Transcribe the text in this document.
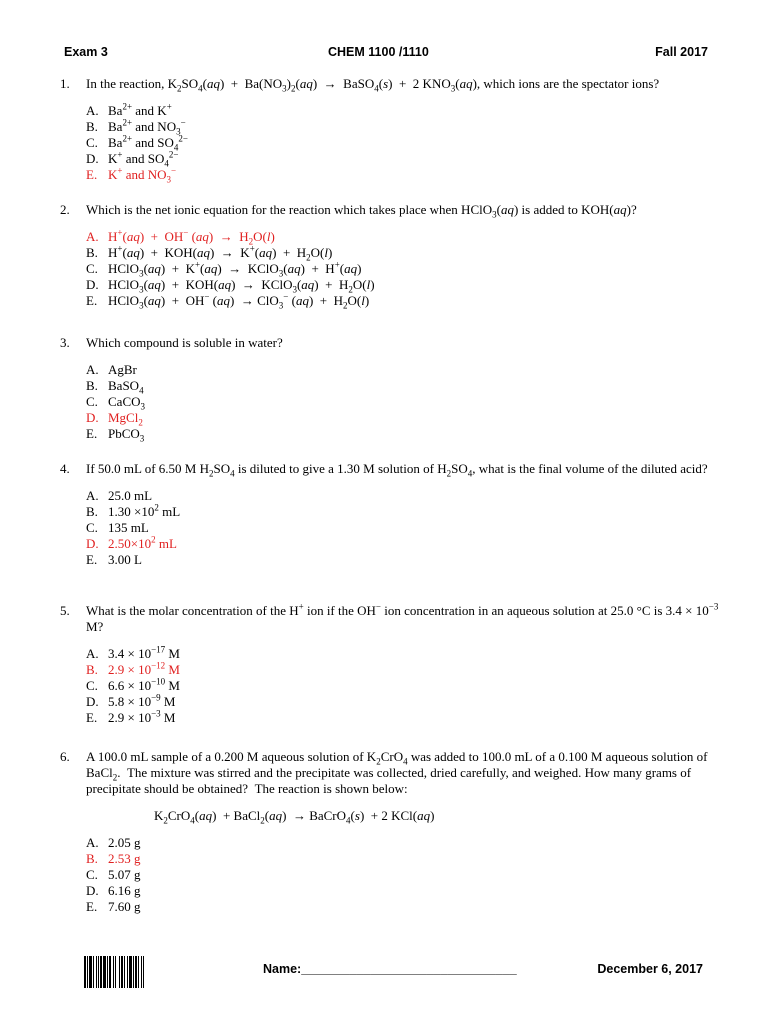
Exam 3	CHEM 1100 /1110	Fall 2017
1.	In the reaction, $K_2SO_4(aq) + Ba(NO_3)_2(aq)$  →  BaSO$_4$(s)  +  2 $KNO_3(aq)$, which ions are the spectator ions?
A. $Ba^{2+}$ and K+
B. $Ba^{2+}$ and $NO_3^-$
C. $Ba^{2+}$ and $SO_4^{2-}$
D. K+ and $SO_4^{2-}$
E. K+ and $NO_3^-$
2.	Which is the net ionic equation for the reaction which takes place when HClO$_3$(aq) is added to KOH(aq)?
A. H+(aq)  +  OH− $(aq) \to H_2O(l)$
B. $H^+(aq) + KOH(aq) \to K^+(aq) + H_2O(l)$
C. HClO$_3$(aq)  +  K+(aq)  →  KClO$_3$(aq)  +  H+(aq)
D. HClO$_3$(aq)  +  KOH(aq)  →  KClO$_3$(aq)  +  $H_2O(l)$
E. HClO$_3$(aq)  +  OH− (aq)  → ClO$_3$− $(aq) + H_2O(l)$
3.	Which compound is soluble in water?
A. AgBr
B. BaSO$_4$
C. CaCO$_3$
D. MgCl$_2$
E. PbCO$_3$
4.	If 50.0 mL of 6.50 M $H_2SO_4$ is diluted to give a 1.30 M solution of $H_2SO_4$, what is the final volume of the diluted acid?
A. 25.0 mL
B. $1.30 \times 10^2$ mL
C. 135 mL
D. $2.50\times 10^2$ mL
E. 3.00 L
5.	What is the molar concentration of the H+ ion if the OH− ion concentration in an aqueous solution at 25.0 °C is $3.4 \times 10^{-3}$ M?
A. $3.4 \times 10^{-17}$ M
B. $2.9 \times 10^{-12}$ M
C. $6.6 \times 10^{-10}$ M
D. $5.8 \times 10^{-9}$ M
E. $2.9 \times 10^{-3}$ M
6.	A 100.0 mL sample of a 0.200 M aqueous solution of $K_2CrO_4$ was added to 100.0 mL of a 0.100 M aqueous solution of BaCl$_2$.  The mixture was stirred and the precipitate was collected, dried carefully, and weighed. How many grams of precipitate should be obtained?  The reaction is shown below:
$K_2CrO_4(aq)$  + BaCl$_2$(aq)  → BaCrO$_4$(s)  + 2 KCl(aq)
A. 2.05 g
B. 2.53 g
C. 5.07 g
D. 6.16 g
E. 7.60 g
Name:_______________________________	December 6, 2017
